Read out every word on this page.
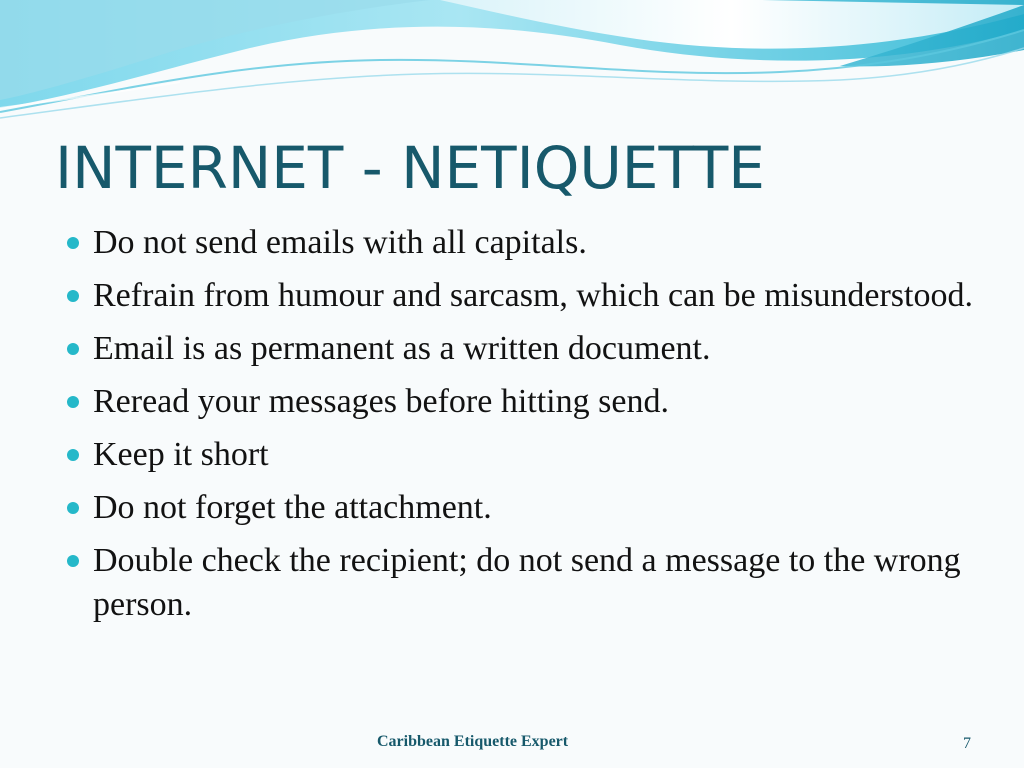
INTERNET - NETIQUETTE
Do not send emails with all capitals.
Refrain from humour and sarcasm, which can be misunderstood.
Email is as permanent as a written document.
Reread your messages before hitting send.
Keep it short
Do not forget the attachment.
Double check the recipient; do not send a message to the wrong person.
Caribbean Etiquette Expert	7
